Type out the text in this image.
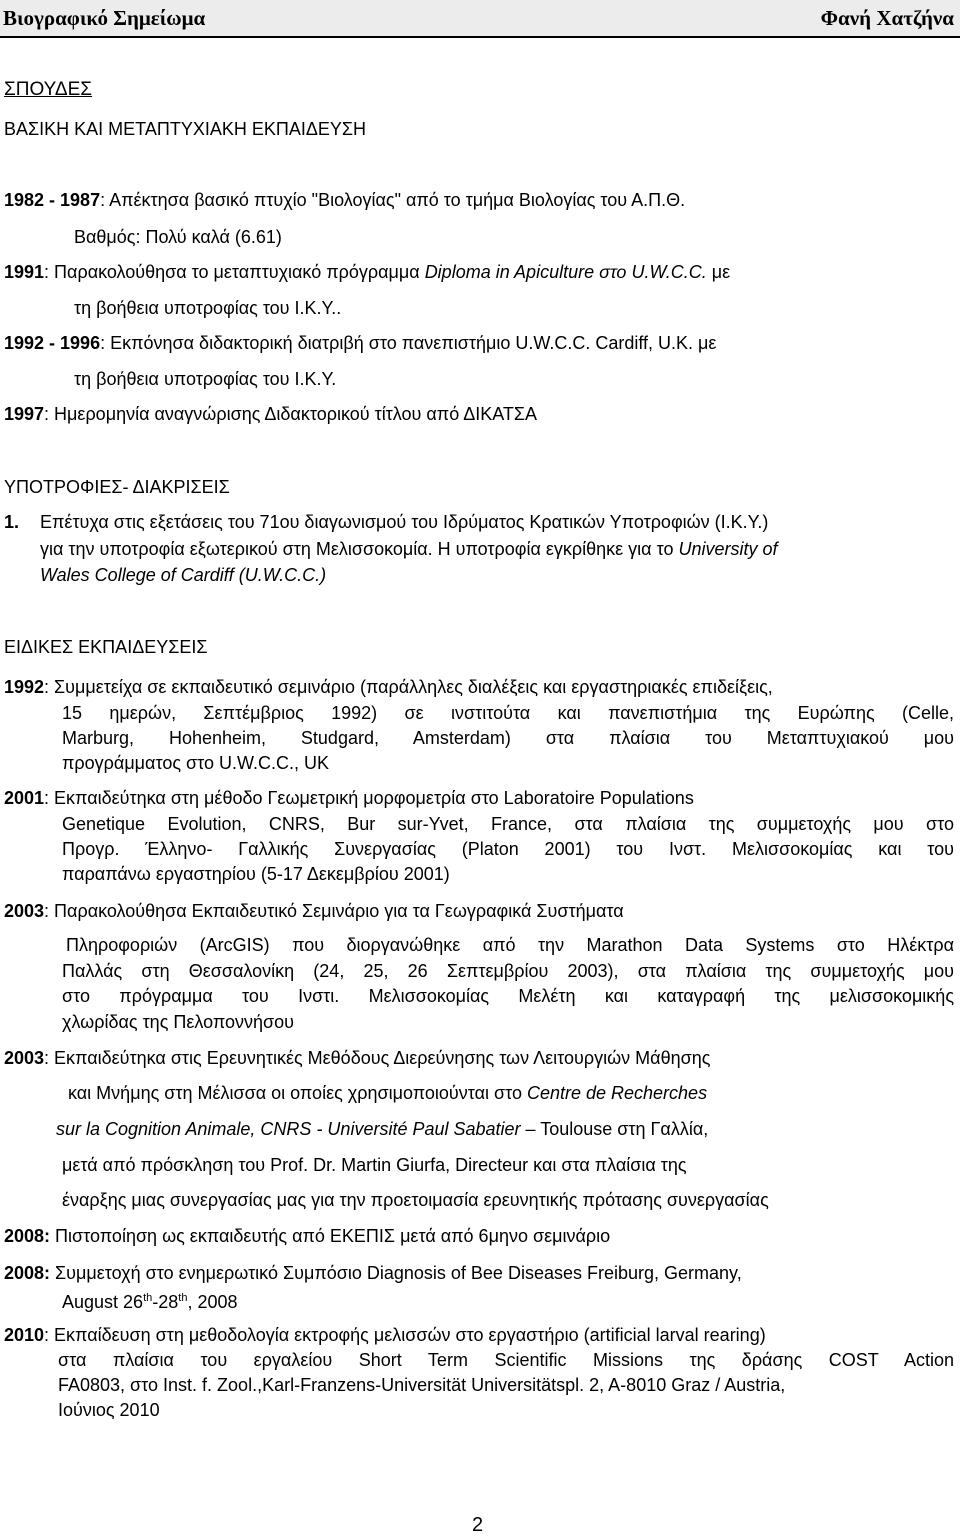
Βιογραφικό Σημείωμα	Φανή Χατζήνα
ΣΠΟΥΔΕΣ
ΒΑΣΙΚΗ ΚΑΙ ΜΕΤΑΠΤΥΧΙΑΚΗ ΕΚΠΑΙΔΕΥΣΗ
1982 - 1987: Απέκτησα βασικό πτυχίο "Βιολογίας" από το τμήμα Βιολογίας του Α.Π.Θ.
Βαθμός: Πολύ καλά (6.61)
1991: Παρακολούθησα το μεταπτυχιακό πρόγραμμα Diploma in Apiculture στο U.W.C.C. με
τη βοήθεια υποτροφίας του Ι.Κ.Υ..
1992 - 1996: Εκπόνησα διδακτορική διατριβή στο πανεπιστήμιο U.W.C.C. Cardiff, U.K. με
τη βοήθεια υποτροφίας του Ι.Κ.Υ.
1997: Ημερομηνία αναγνώρισης Διδακτορικού τίτλου από ΔΙΚΑΤΣΑ
ΥΠΟΤΡΟΦΙΕΣ- ΔΙΑΚΡΙΣΕΙΣ
1. Επέτυχα στις εξετάσεις του 71ου διαγωνισμού του Ιδρύματος Κρατικών Υποτροφιών (Ι.Κ.Υ.)
για την υποτροφία εξωτερικού στη Μελισσοκομία. Η υποτροφία εγκρίθηκε για το University of
Wales College of Cardiff (U.W.C.C.)
ΕΙΔΙΚΕΣ ΕΚΠΑΙΔΕΥΣΕΙΣ
1992: Συμμετείχα σε εκπαιδευτικό σεμινάριο (παράλληλες διαλέξεις και εργαστηριακές επιδείξεις,
15 ημερών, Σεπτέμβριος 1992) σε ινστιτούτα και πανεπιστήμια της Ευρώπης (Celle,
Marburg, Hohenheim, Studgard, Amsterdam) στα πλαίσια του Μεταπτυχιακού μου
προγράμματος στο U.W.C.C., UK
2001: Εκπαιδεύτηκα στη μέθοδο Γεωμετρική μορφομετρία στο Laboratoire Populations
Genetique Evolution, CNRS, Bur sur-Yvet, France, στα πλαίσια της συμμετοχής μου στο
Προγρ. Έλληνο- Γαλλικής Συνεργασίας (Platon 2001) του Ινστ. Μελισσοκομίας και του
παραπάνω εργαστηρίου (5-17 Δεκεμβρίου 2001)
2003: Παρακολούθησα Εκπαιδευτικό Σεμινάριο για τα Γεωγραφικά Συστήματα
Πληροφοριών (ArcGIS) που διοργανώθηκε από την Marathon Data Systems στο Ηλέκτρα
Παλλάς στη Θεσσαλονίκη (24, 25, 26 Σεπτεμβρίου 2003), στα πλαίσια της συμμετοχής μου
στο πρόγραμμα του Ινστι. Μελισσοκομίας Μελέτη και καταγραφή της μελισσοκομικής
χλωρίδας της Πελοποννήσου
2003: Εκπαιδεύτηκα στις Ερευνητικές Μεθόδους Διερεύνησης των Λειτουργιών Μάθησης
και Μνήμης στη Μέλισσα οι οποίες χρησιμοποιούνται στο Centre de Recherches
sur la Cognition Animale, CNRS - Université Paul Sabatier – Toulouse στη Γαλλία,
μετά από πρόσκληση του Prof. Dr. Martin Giurfa, Directeur και στα πλαίσια της
έναρξης μιας συνεργασίας μας για την προετοιμασία ερευνητικής πρότασης συνεργασίας
2008: Πιστοποίηση ως εκπαιδευτής από ΕΚΕΠΙΣ μετά από 6μηνο σεμινάριο
2008: Συμμετοχή στο ενημερωτικό Συμπόσιο Diagnosis of Bee Diseases Freiburg, Germany,
August 26th-28th, 2008
2010: Εκπαίδευση στη μεθοδολογία εκτροφής μελισσών στο εργαστήριο (artificial larval rearing)
στα πλαίσια του εργαλείου Short Term Scientific Missions της δράσης COST Action
FA0803, στο Inst. f. Zool.,Karl-Franzens-Universität Universitätspl. 2, A-8010 Graz / Austria,
Ιούνιος 2010
2
